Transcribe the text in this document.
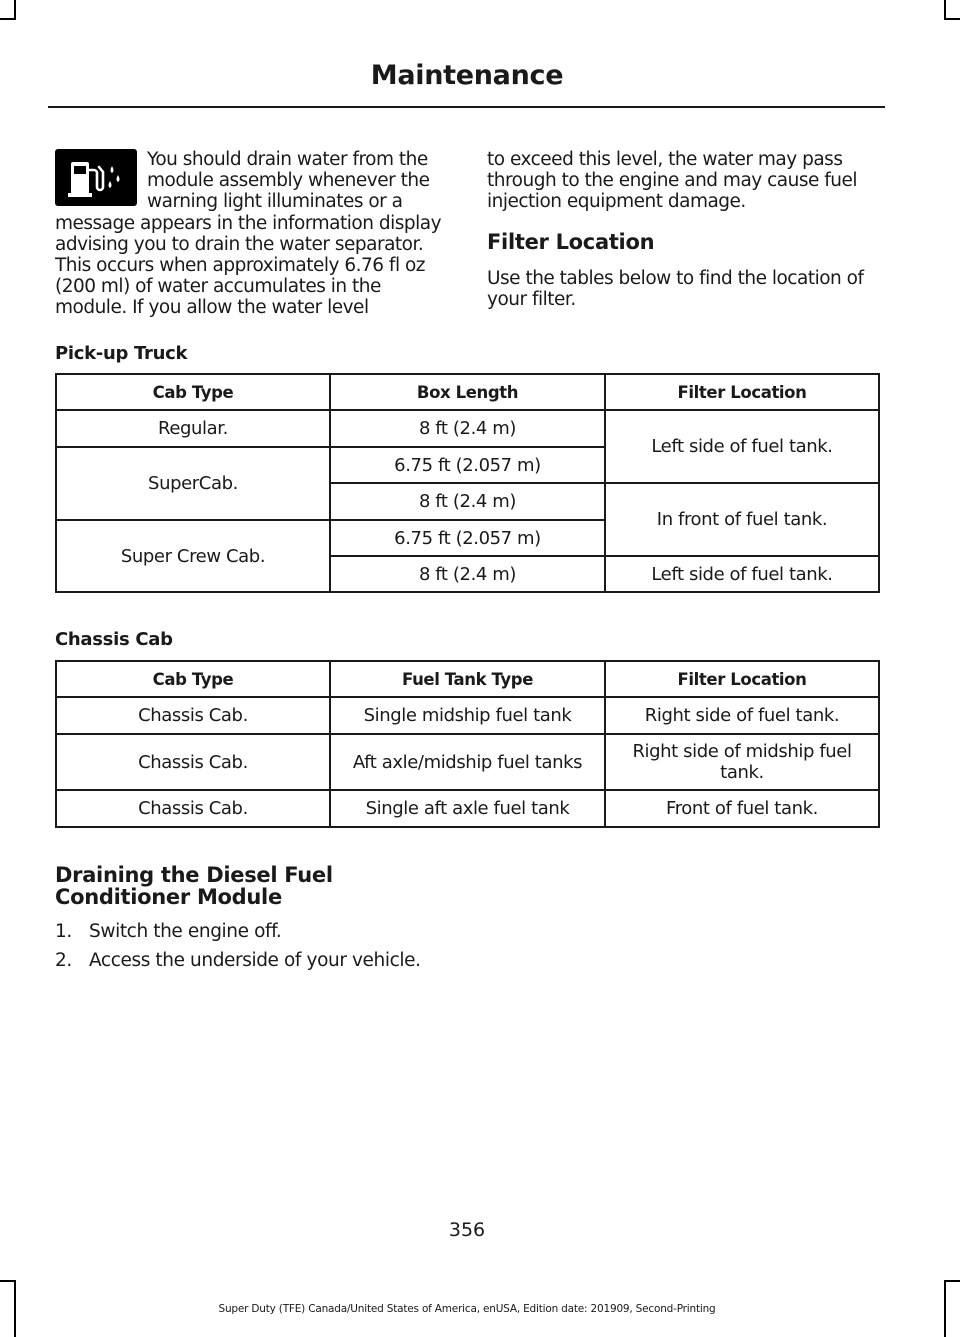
Maintenance

You should drain water from the module assembly whenever the warning light illuminates or a message appears in the information display advising you to drain the water separator. This occurs when approximately 6.76 fl oz (200 ml) of water accumulates in the module. If you allow the water level

to exceed this level, the water may pass through to the engine and may cause fuel injection equipment damage.

Filter Location

Use the tables below to find the location of your filter.

Pick-up Truck
Cab Type	Box Length	Filter Location
Regular.	8 ft (2.4 m)	Left side of fuel tank.
SuperCab.	6.75 ft (2.057 m)	
	8 ft (2.4 m)	In front of fuel tank.
Super Crew Cab.	6.75 ft (2.057 m)	
	8 ft (2.4 m)	Left side of fuel tank.
Chassis Cab
Cab Type	Fuel Tank Type	Filter Location
Chassis Cab.	Single midship fuel tank	Right side of fuel tank.
Chassis Cab.	Aft axle/midship fuel tanks	Right side of midship fuel tank.
Chassis Cab.	Single aft axle fuel tank	Front of fuel tank.
Draining the Diesel Fuel Conditioner Module
1. Switch the engine off.
2. Access the underside of your vehicle.
356
Super Duty (TFE) Canada/United States of America, enUSA, Edition date: 201909, Second-Printing
